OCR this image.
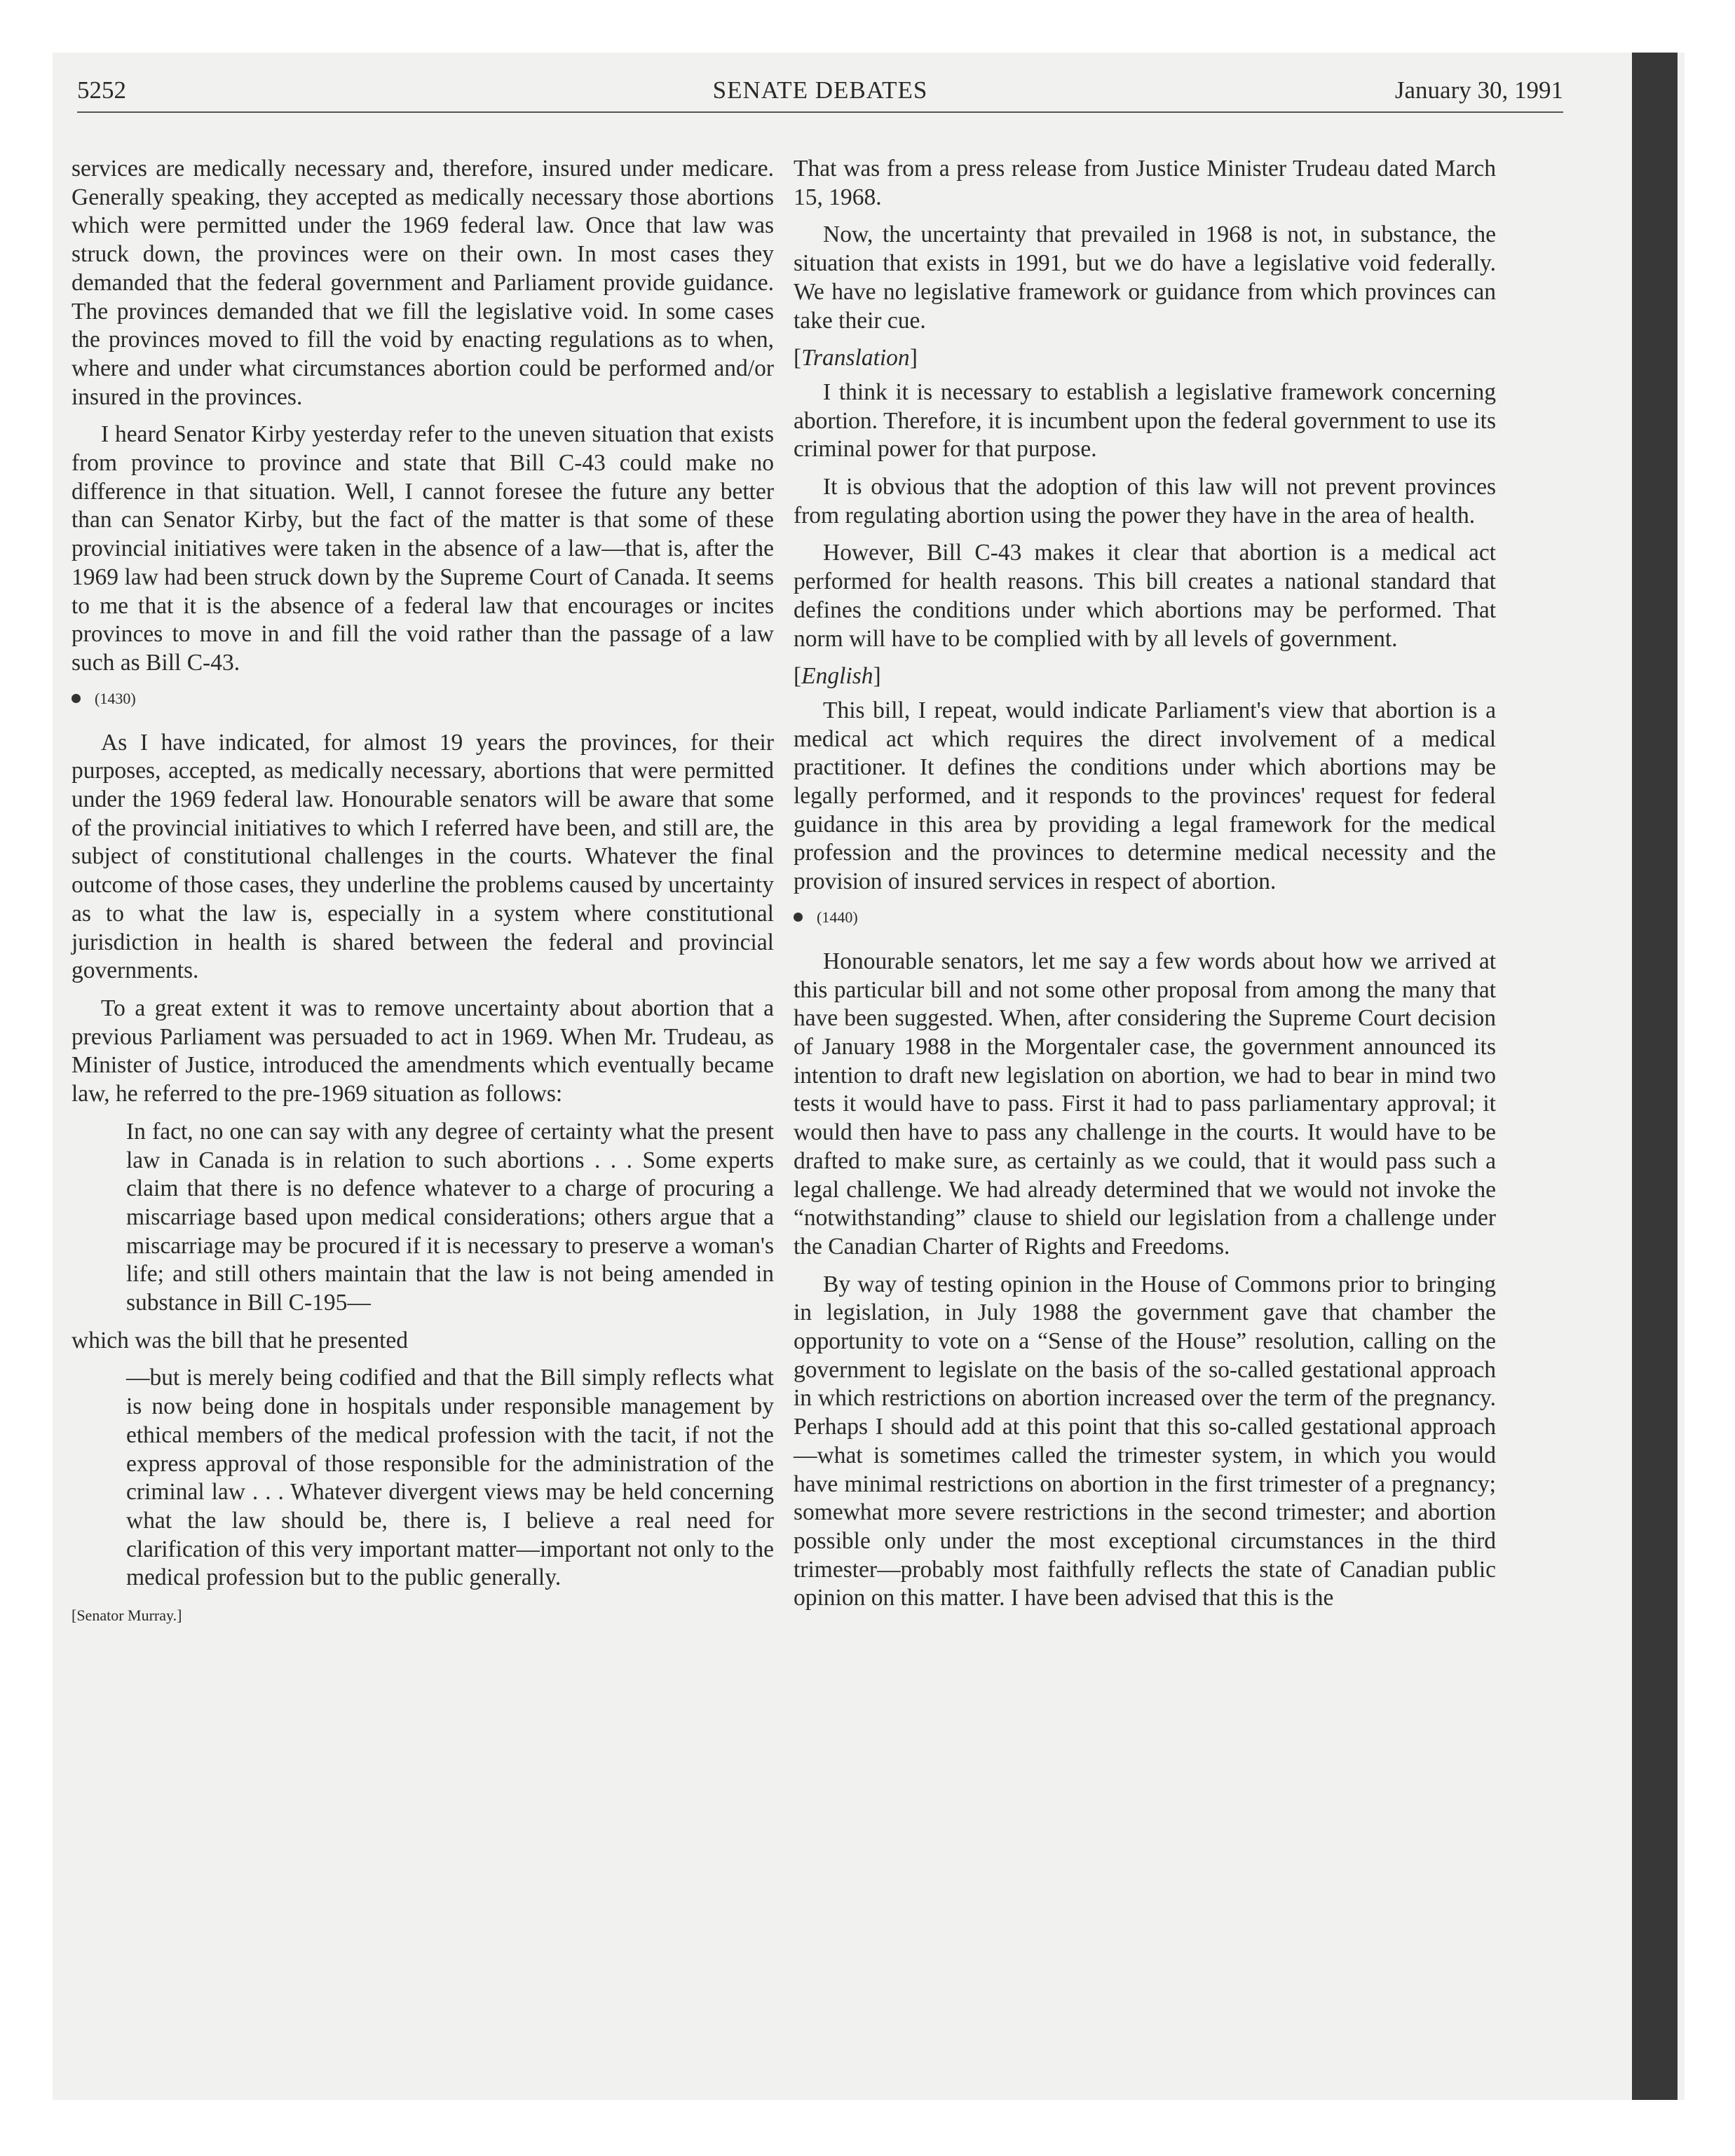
5252	SENATE DEBATES	January 30, 1991

services are medically necessary and, therefore, insured under medicare. Generally speaking, they accepted as medically necessary those abortions which were permitted under the 1969 federal law. Once that law was struck down, the provinces were on their own. In most cases they demanded that the federal government and Parliament provide guidance. The provinces demanded that we fill the legislative void. In some cases the provinces moved to fill the void by enacting regulations as to when, where and under what circumstances abortion could be performed and/or insured in the provinces.

I heard Senator Kirby yesterday refer to the uneven situation that exists from province to province and state that Bill C-43 could make no difference in that situation. Well, I cannot foresee the future any better than can Senator Kirby, but the fact of the matter is that some of these provincial initiatives were taken in the absence of a law—that is, after the 1969 law had been struck down by the Supreme Court of Canada. It seems to me that it is the absence of a federal law that encourages or incites provinces to move in and fill the void rather than the passage of a law such as Bill C-43.

(1430)

As I have indicated, for almost 19 years the provinces, for their purposes, accepted, as medically necessary, abortions that were permitted under the 1969 federal law. Honourable senators will be aware that some of the provincial initiatives to which I referred have been, and still are, the subject of constitutional challenges in the courts. Whatever the final outcome of those cases, they underline the problems caused by uncertainty as to what the law is, especially in a system where constitutional jurisdiction in health is shared between the federal and provincial governments.

To a great extent it was to remove uncertainty about abortion that a previous Parliament was persuaded to act in 1969. When Mr. Trudeau, as Minister of Justice, introduced the amendments which eventually became law, he referred to the pre-1969 situation as follows:

In fact, no one can say with any degree of certainty what the present law in Canada is in relation to such abortions . . . Some experts claim that there is no defence whatever to a charge of procuring a miscarriage based upon medical considerations; others argue that a miscarriage may be procured if it is necessary to preserve a woman's life; and still others maintain that the law is not being amended in substance in Bill C-195—

which was the bill that he presented

—but is merely being codified and that the Bill simply reflects what is now being done in hospitals under responsible management by ethical members of the medical profession with the tacit, if not the express approval of those responsible for the administration of the criminal law . . . Whatever divergent views may be held concerning what the law should be, there is, I believe a real need for clarification of this very important matter—important not only to the medical profession but to the public generally.

[Senator Murray.]

That was from a press release from Justice Minister Trudeau dated March 15, 1968.

Now, the uncertainty that prevailed in 1968 is not, in substance, the situation that exists in 1991, but we do have a legislative void federally. We have no legislative framework or guidance from which provinces can take their cue.

[Translation]

I think it is necessary to establish a legislative framework concerning abortion. Therefore, it is incumbent upon the federal government to use its criminal power for that purpose.

It is obvious that the adoption of this law will not prevent provinces from regulating abortion using the power they have in the area of health.

However, Bill C-43 makes it clear that abortion is a medical act performed for health reasons. This bill creates a national standard that defines the conditions under which abortions may be performed. That norm will have to be complied with by all levels of government.

[English]

This bill, I repeat, would indicate Parliament's view that abortion is a medical act which requires the direct involvement of a medical practitioner. It defines the conditions under which abortions may be legally performed, and it responds to the provinces' request for federal guidance in this area by providing a legal framework for the medical profession and the provinces to determine medical necessity and the provision of insured services in respect of abortion.

(1440)

Honourable senators, let me say a few words about how we arrived at this particular bill and not some other proposal from among the many that have been suggested. When, after considering the Supreme Court decision of January 1988 in the Morgentaler case, the government announced its intention to draft new legislation on abortion, we had to bear in mind two tests it would have to pass. First it had to pass parliamentary approval; it would then have to pass any challenge in the courts. It would have to be drafted to make sure, as certainly as we could, that it would pass such a legal challenge. We had already determined that we would not invoke the “notwithstanding” clause to shield our legislation from a challenge under the Canadian Charter of Rights and Freedoms.

By way of testing opinion in the House of Commons prior to bringing in legislation, in July 1988 the government gave that chamber the opportunity to vote on a “Sense of the House” resolution, calling on the government to legislate on the basis of the so-called gestational approach in which restrictions on abortion increased over the term of the pregnancy. Perhaps I should add at this point that this so-called gestational approach—what is sometimes called the trimester system, in which you would have minimal restrictions on abortion in the first trimester of a pregnancy; somewhat more severe restrictions in the second trimester; and abortion possible only under the most exceptional circumstances in the third trimester—probably most faithfully reflects the state of Canadian public opinion on this matter. I have been advised that this is the
